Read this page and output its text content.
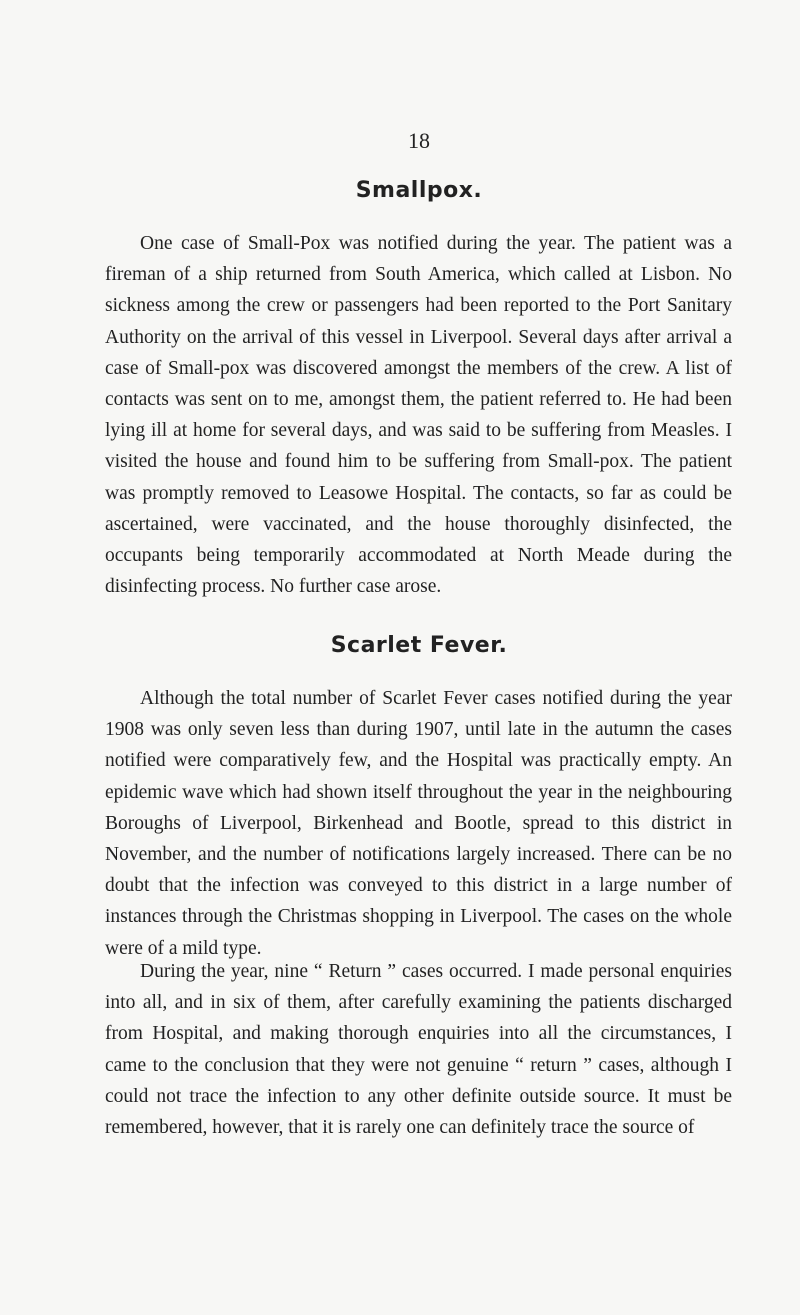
18
Smallpox.

One case of Small-Pox was notified during the year. The patient was a fireman of a ship returned from South America, which called at Lisbon. No sickness among the crew or passengers had been reported to the Port Sanitary Authority on the arrival of this vessel in Liverpool. Several days after arrival a case of Small-pox was discovered amongst the members of the crew. A list of contacts was sent on to me, amongst them, the patient referred to. He had been lying ill at home for several days, and was said to be suffering from Measles. I visited the house and found him to be suffering from Small-pox. The patient was promptly removed to Leasowe Hospital. The contacts, so far as could be ascertained, were vaccinated, and the house thoroughly disinfected, the occupants being temporarily accommodated at North Meade during the disinfecting process. No further case arose.

Scarlet Fever.

Although the total number of Scarlet Fever cases notified during the year 1908 was only seven less than during 1907, until late in the autumn the cases notified were comparatively few, and the Hospital was practically empty. An epidemic wave which had shown itself throughout the year in the neighbouring Boroughs of Liverpool, Birkenhead and Bootle, spread to this district in November, and the number of notifications largely increased. There can be no doubt that the infection was conveyed to this district in a large number of instances through the Christmas shopping in Liverpool. The cases on the whole were of a mild type.

During the year, nine “ Return ” cases occurred. I made personal enquiries into all, and in six of them, after carefully examining the patients discharged from Hospital, and making thorough enquiries into all the circumstances, I came to the conclusion that they were not genuine “ return ” cases, although I could not trace the infection to any other definite outside source. It must be remembered, however, that it is rarely one can definitely trace the source of
